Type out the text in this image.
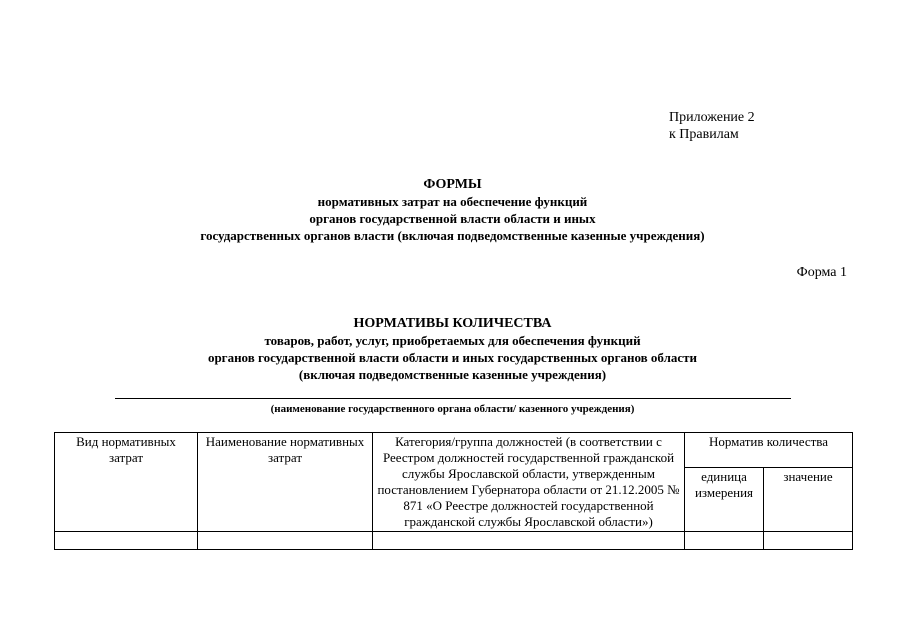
Приложение 2
к Правилам
ФОРМЫ
нормативных затрат на обеспечение функций
органов государственной власти области и иных
государственных органов власти (включая подведомственные казенные учреждения)
Форма 1
НОРМАТИВЫ КОЛИЧЕСТВА
товаров, работ, услуг, приобретаемых для обеспечения функций
органов государственной власти области и иных государственных органов области
(включая подведомственные казенные учреждения)
(наименование государственного органа области/ казенного учреждения)
Вид нормативных затрат	Наименование нормативных затрат	Категория/группа должностей (в соответствии с Реестром должностей государственной гражданской службы Ярославской области, утвержденным постановлением Губернатора области от 21.12.2005 № 871 «О Реестре должностей государственной гражданской службы Ярославской области»)	Норматив количества	
			единица измерения	значение
